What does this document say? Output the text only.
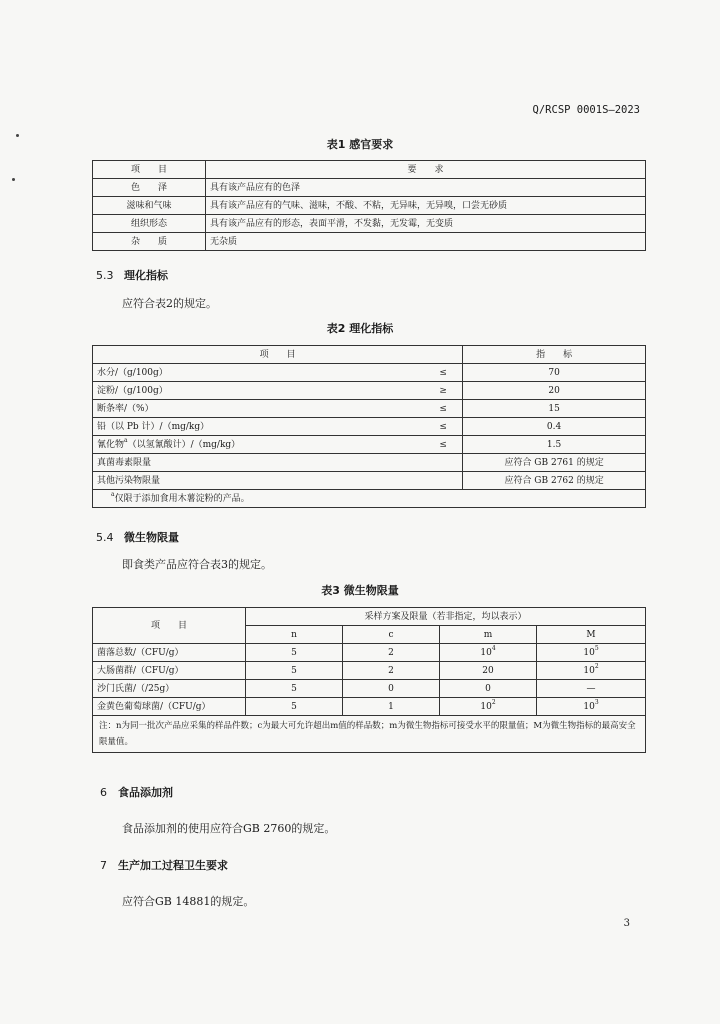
Q/RCSP 0001S—2023
表1 感官要求
项　　目	要　　求
色　　泽	具有该产品应有的色泽
滋味和气味	具有该产品应有的气味、滋味，不酸、不粘，无异味，无异嗅，口尝无砂质
组织形态	具有该产品应有的形态，表面平滑，不发黏，无发霉，无变质
杂　　质	无杂质
5.3 理化指标
应符合表2的规定。
表2 理化指标
项　　目		指　　标
水分/（g/100g）	≤	70
淀粉/（g/100g）	≥	20
断条率/（%）	≤	15
铅（以 Pb 计）/（mg/kg）	≤	0.4
氰化物$^a$（以氢氰酸计）/（mg/kg）	≤	1.5
真菌毒素限量		应符合 GB 2761 的规定
其他污染物限量		应符合 GB 2762 的规定
$^a$仅限于添加食用木薯淀粉的产品。		
5.4 微生物限量
即食类产品应符合表3的规定。
表3 微生物限量
项　　目	采样方案及限量（若非指定，均以表示）			
	n	c	m	M
菌落总数/（CFU/g）	5	2	$10^4$	$10^5$
大肠菌群/（CFU/g）	5	2	20	$10^2$
沙门氏菌/（/25g）	5	0	0	—
金黄色葡萄球菌/（CFU/g）	5	1	$10^2$	$10^3$
注：n为同一批次产品应采集的样品件数；c为最大可允许超出m值的样品数；m为微生物指标可接受水平的限量值；M为微生物指标的最高安全限量值。				
6 食品添加剂
食品添加剂的使用应符合GB 2760的规定。
7 生产加工过程卫生要求
应符合GB 14881的规定。
3
